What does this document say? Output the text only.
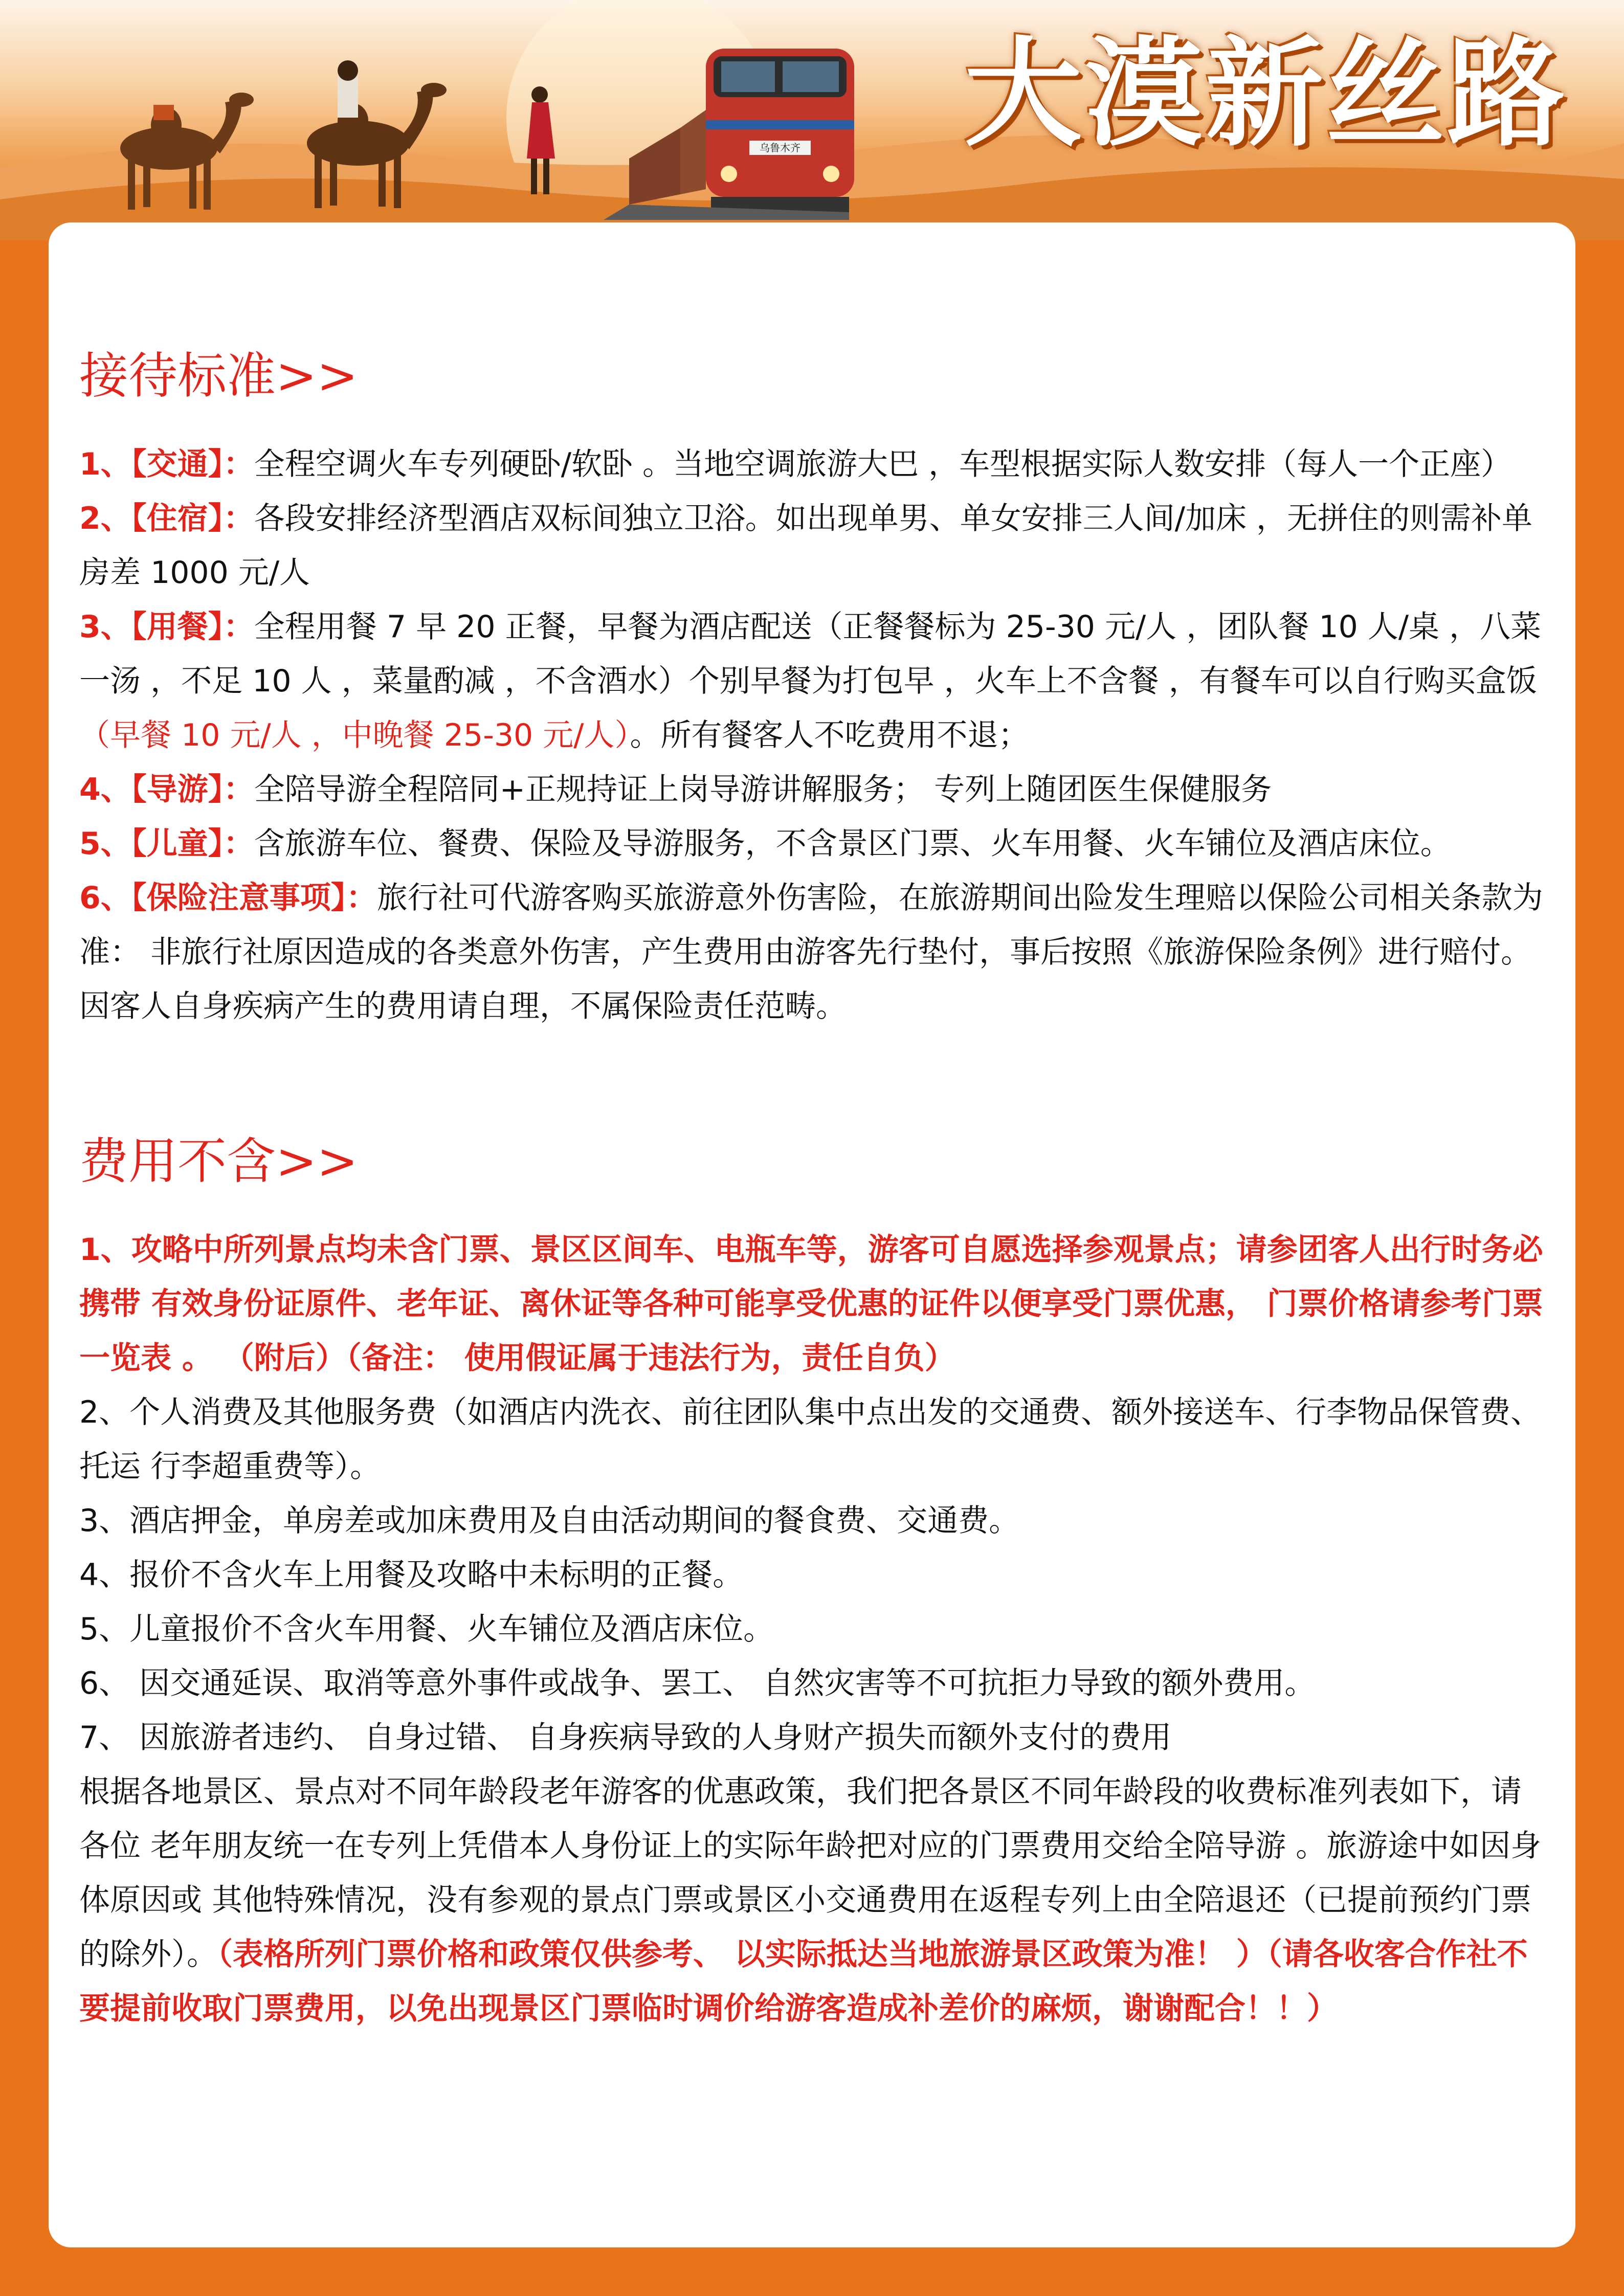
乌鲁木齐 大漠新丝路
接待标准>>

1、【交通】：全程空调火车专列硬卧/软卧 。当地空调旅游大巴 ，车型根据实际人数安排（每人一个正座）

2、【住宿】：各段安排经济型酒店双标间独立卫浴。如出现单男、单女安排三人间/加床 ，无拼住的则需补单房差 1000 元/人

3、【用餐】：全程用餐 7 早 20 正餐，早餐为酒店配送（正餐餐标为 25-30 元/人 ，团队餐 10 人/桌 ，八菜一汤 ，不足 10 人 ，菜量酌减 ，不含酒水）个别早餐为打包早 ，火车上不含餐 ，有餐车可以自行购买盒饭（早餐 10 元/人 ，中晚餐 25-30 元/人）。所有餐客人不吃费用不退；

4、【导游】：全陪导游全程陪同+正规持证上岗导游讲解服务； 专列上随团医生保健服务

5、【儿童】：含旅游车位、餐费、保险及导游服务，不含景区门票、火车用餐、火车铺位及酒店床位。

6、【保险注意事项】：旅行社可代游客购买旅游意外伤害险，在旅游期间出险发生理赔以保险公司相关条款为准： 非旅行社原因造成的各类意外伤害，产生费用由游客先行垫付，事后按照《旅游保险条例》进行赔付。 因客人自身疾病产生的费用请自理，不属保险责任范畴。

费用不含>>

1、攻略中所列景点均未含门票、景区区间车、电瓶车等，游客可自愿选择参观景点；请参团客人出行时务必携带 有效身份证原件、老年证、离休证等各种可能享受优惠的证件以便享受门票优惠， 门票价格请参考门票一览表 。 （附后）（备注： 使用假证属于违法行为，责任自负）

2、个人消费及其他服务费（如酒店内洗衣、前往团队集中点出发的交通费、额外接送车、行李物品保管费、托运 行李超重费等）。

3、酒店押金，单房差或加床费用及自由活动期间的餐食费、交通费。

4、报价不含火车上用餐及攻略中未标明的正餐。

5、儿童报价不含火车用餐、火车铺位及酒店床位。

6、 因交通延误、取消等意外事件或战争、罢工、 自然灾害等不可抗拒力导致的额外费用。

7、 因旅游者违约、 自身过错、 自身疾病导致的人身财产损失而额外支付的费用

根据各地景区、景点对不同年龄段老年游客的优惠政策，我们把各景区不同年龄段的收费标准列表如下，请各位 老年朋友统一在专列上凭借本人身份证上的实际年龄把对应的门票费用交给全陪导游 。旅游途中如因身体原因或 其他特殊情况，没有参观的景点门票或景区小交通费用在返程专列上由全陪退还（已提前预约门票的除外）。（表格所列门票价格和政策仅供参考、 以实际抵达当地旅游景区政策为准！ ）（请各收客合作社不要提前收取门票费用，以免出现景区门票临时调价给游客造成补差价的麻烦，谢谢配合！！）
